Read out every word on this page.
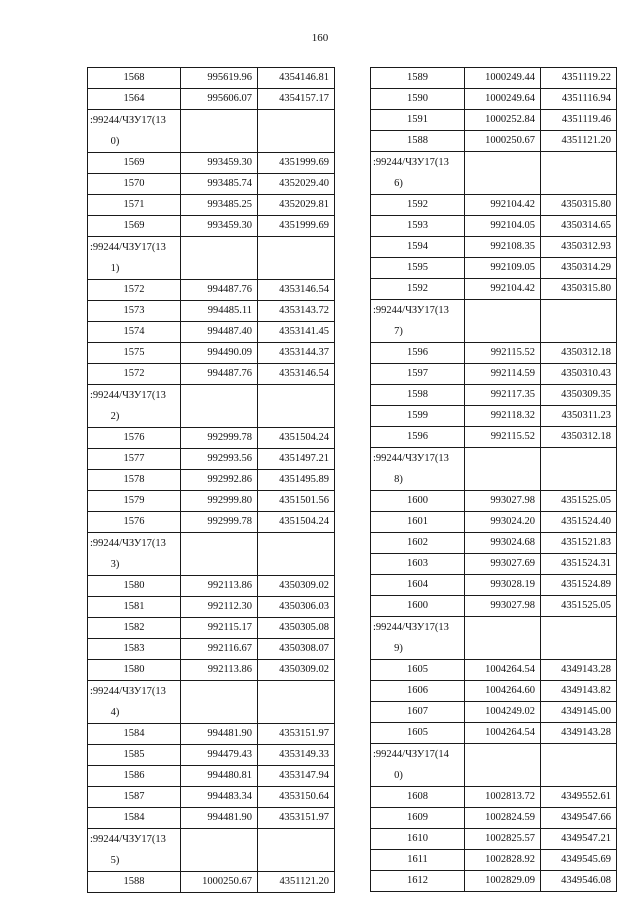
160
1568	995619.96	4354146.81
1564	995606.07	4354157.17
:99244/ЧЗУ17(13		
0)		
1569	993459.30	4351999.69
1570	993485.74	4352029.40
1571	993485.25	4352029.81
1569	993459.30	4351999.69
:99244/ЧЗУ17(13		
1)		
1572	994487.76	4353146.54
1573	994485.11	4353143.72
1574	994487.40	4353141.45
1575	994490.09	4353144.37
1572	994487.76	4353146.54
:99244/ЧЗУ17(13		
2)		
1576	992999.78	4351504.24
1577	992993.56	4351497.21
1578	992992.86	4351495.89
1579	992999.80	4351501.56
1576	992999.78	4351504.24
:99244/ЧЗУ17(13		
3)		
1580	992113.86	4350309.02
1581	992112.30	4350306.03
1582	992115.17	4350305.08
1583	992116.67	4350308.07
1580	992113.86	4350309.02
:99244/ЧЗУ17(13		
4)		
1584	994481.90	4353151.97
1585	994479.43	4353149.33
1586	994480.81	4353147.94
1587	994483.34	4353150.64
1584	994481.90	4353151.97
:99244/ЧЗУ17(13		
5)		
1588	1000250.67	4351121.20
1589	1000249.44	4351119.22
1590	1000249.64	4351116.94
1591	1000252.84	4351119.46
1588	1000250.67	4351121.20
:99244/ЧЗУ17(13		
6)		
1592	992104.42	4350315.80
1593	992104.05	4350314.65
1594	992108.35	4350312.93
1595	992109.05	4350314.29
1592	992104.42	4350315.80
:99244/ЧЗУ17(13		
7)		
1596	992115.52	4350312.18
1597	992114.59	4350310.43
1598	992117.35	4350309.35
1599	992118.32	4350311.23
1596	992115.52	4350312.18
:99244/ЧЗУ17(13		
8)		
1600	993027.98	4351525.05
1601	993024.20	4351524.40
1602	993024.68	4351521.83
1603	993027.69	4351524.31
1604	993028.19	4351524.89
1600	993027.98	4351525.05
:99244/ЧЗУ17(13		
9)		
1605	1004264.54	4349143.28
1606	1004264.60	4349143.82
1607	1004249.02	4349145.00
1605	1004264.54	4349143.28
:99244/ЧЗУ17(14		
0)		
1608	1002813.72	4349552.61
1609	1002824.59	4349547.66
1610	1002825.57	4349547.21
1611	1002828.92	4349545.69
1612	1002829.09	4349546.08
